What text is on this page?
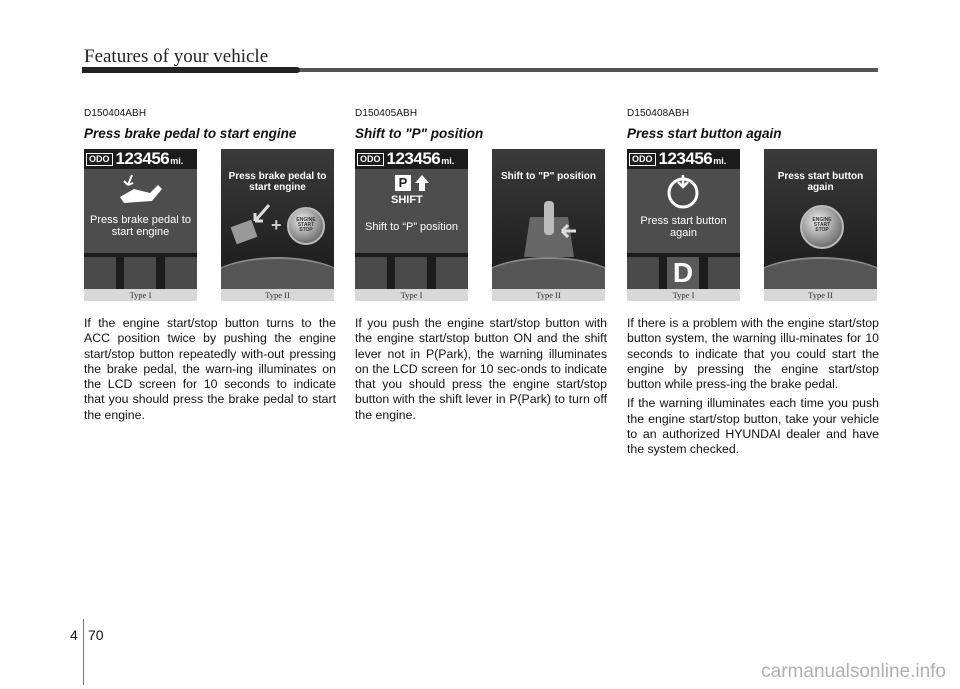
Features of your vehicle
D150404ABH
Press brake pedal to start engine
ODO 123456 mi.
Press brake pedal to start engine
Press brake pedal to start engine
+	ENGINE
START
STOP
Type I	Type II

If the engine start/stop button turns to the ACC position twice by pushing the engine start/stop button repeatedly with-out pressing the brake pedal, the warn-ing illuminates on the LCD screen for 10 seconds to indicate that you should press the brake pedal to start the engine.

D150405ABH
Shift to "P" position
ODO 123456 mi.
P
SHIFT
Shift to “P” position
Shift to "P" position
Type I	Type II

If you push the engine start/stop button with the engine start/stop button ON and the shift lever not in P(Park), the warning illuminates on the LCD screen for 10 sec-onds to indicate that you should press the engine start/stop button with the shift lever in P(Park) to turn off the engine.

D150408ABH
Press start button again
ODO 123456 mi.
Press start button again
D
Press start button again
ENGINE
START
STOP
Type I	Type II

If there is a problem with the engine start/stop button system, the warning illu-minates for 10 seconds to indicate that you could start the engine by pressing the engine start/stop button while press-ing the brake pedal.

If the warning illuminates each time you push the engine start/stop button, take your vehicle to an authorized HYUNDAI dealer and have the system checked.

4 70
carmanualsonline.info
